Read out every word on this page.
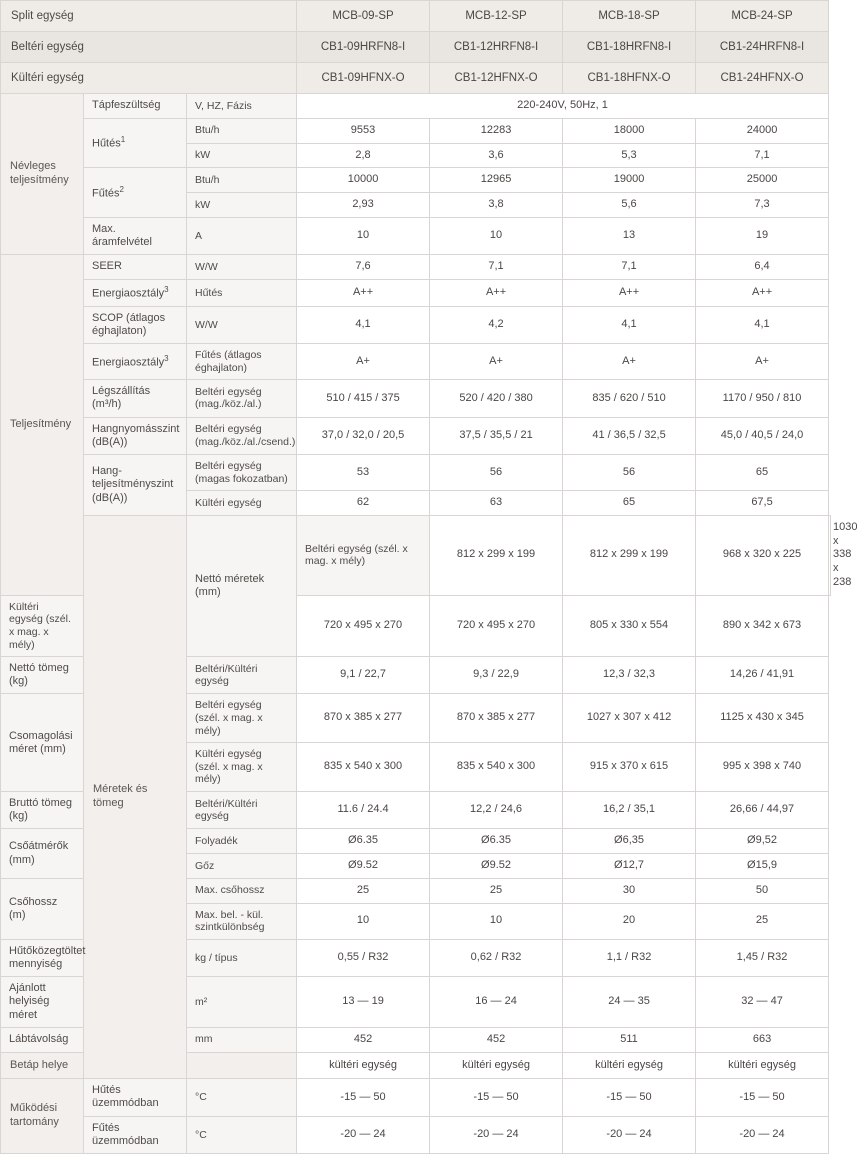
Split egység			MCB-09-SP	MCB-12-SP	MCB-18-SP	MCB-24-SP	
Beltéri egység			CB1-09HRFN8-I	CB1-12HRFN8-I	CB1-18HRFN8-I	CB1-24HRFN8-I	
Kültéri egység			CB1-09HFNX-O	CB1-12HFNX-O	CB1-18HFNX-O	CB1-24HFNX-O	
Névleges teljesítmény	Tápfeszültség	V, HZ, Fázis	220-240V, 50Hz, 1				
	Hűtés$^1$	Btu/h	9553	12283	18000	24000	
		kW	2,8	3,6	5,3	7,1	
	Fűtés$^2$	Btu/h	10000	12965	19000	25000	
		kW	2,93	3,8	5,6	7,3	
	Max. áramfelvétel	A	10	10	13	19	
Teljesítmény	SEER	W/W	7,6	7,1	7,1	6,4	
	Energiaosztály$^3$	Hűtés	A++	A++	A++	A++	
	SCOP (átlagos éghajlaton)	W/W	4,1	4,2	4,1	4,1	
	Energiaosztály$^3$	Fűtés (átlagos éghajlaton)	A+	A+	A+	A+	
	Légszállítás (m³/h)	Beltéri egység (mag./köz./al.)	510 / 415 / 375	520 / 420 / 380	835 / 620 / 510	1170 / 950 / 810	
	Hangnyomásszint (dB(A))	Beltéri egység (mag./köz./al./csend.)	37,0 / 32,0 / 20,5	37,5 / 35,5 / 21	41 / 36,5 / 32,5	45,0 / 40,5 / 24,0	
	Hang-teljesítményszint (dB(A))	Beltéri egység (magas fokozatban)	53	56	56	65	
		Kültéri egység	62	63	65	67,5	
	Méretek és tömeg	Nettó méretek (mm)	Beltéri egység (szél. x mag. x mély)	812 x 299 x 199	812 x 299 x 199	968 x 320 x 225	1030 x 338 x 238
Kültéri egység (szél. x mag. x mély)			720 x 495 x 270	720 x 495 x 270	805 x 330 x 554	890 x 342 x 673	
Nettó tömeg (kg)		Beltéri/Kültéri egység	9,1 / 22,7	9,3 / 22,9	12,3 / 32,3	14,26 / 41,91	
Csomagolási méret (mm)		Beltéri egység (szél. x mag. x mély)	870 x 385 x 277	870 x 385 x 277	1027 x 307 x 412	1125 x 430 x 345	
		Kültéri egység (szél. x mag. x mély)	835 x 540 x 300	835 x 540 x 300	915 x 370 x 615	995 x 398 x 740	
Bruttó tömeg (kg)		Beltéri/Kültéri egység	11.6 / 24.4	12,2 / 24,6	16,2 / 35,1	26,66 / 44,97	
Csőátmérők (mm)		Folyadék	Ø6.35	Ø6.35	Ø6,35	Ø9,52	
		Gőz	Ø9.52	Ø9.52	Ø12,7	Ø15,9	
Csőhossz (m)		Max. csőhossz	25	25	30	50	
		Max. bel. - kül. szintkülönbség	10	10	20	25	
Hűtőközegtöltet mennyiség		kg / típus	0,55 / R32	0,62 / R32	1,1 / R32	1,45 / R32	
Ajánlott helyiség méret		m²	13 — 19	16 — 24	24 — 35	32 — 47	
Lábtávolság		mm	452	452	511	663	
Betáp helye			kültéri egység	kültéri egység	kültéri egység	kültéri egység	
Működési tartomány	Hűtés üzemmódban	°C	-15 — 50	-15 — 50	-15 — 50	-15 — 50	
	Fűtés üzemmódban	°C	-20 — 24	-20 — 24	-20 — 24	-20 — 24	
